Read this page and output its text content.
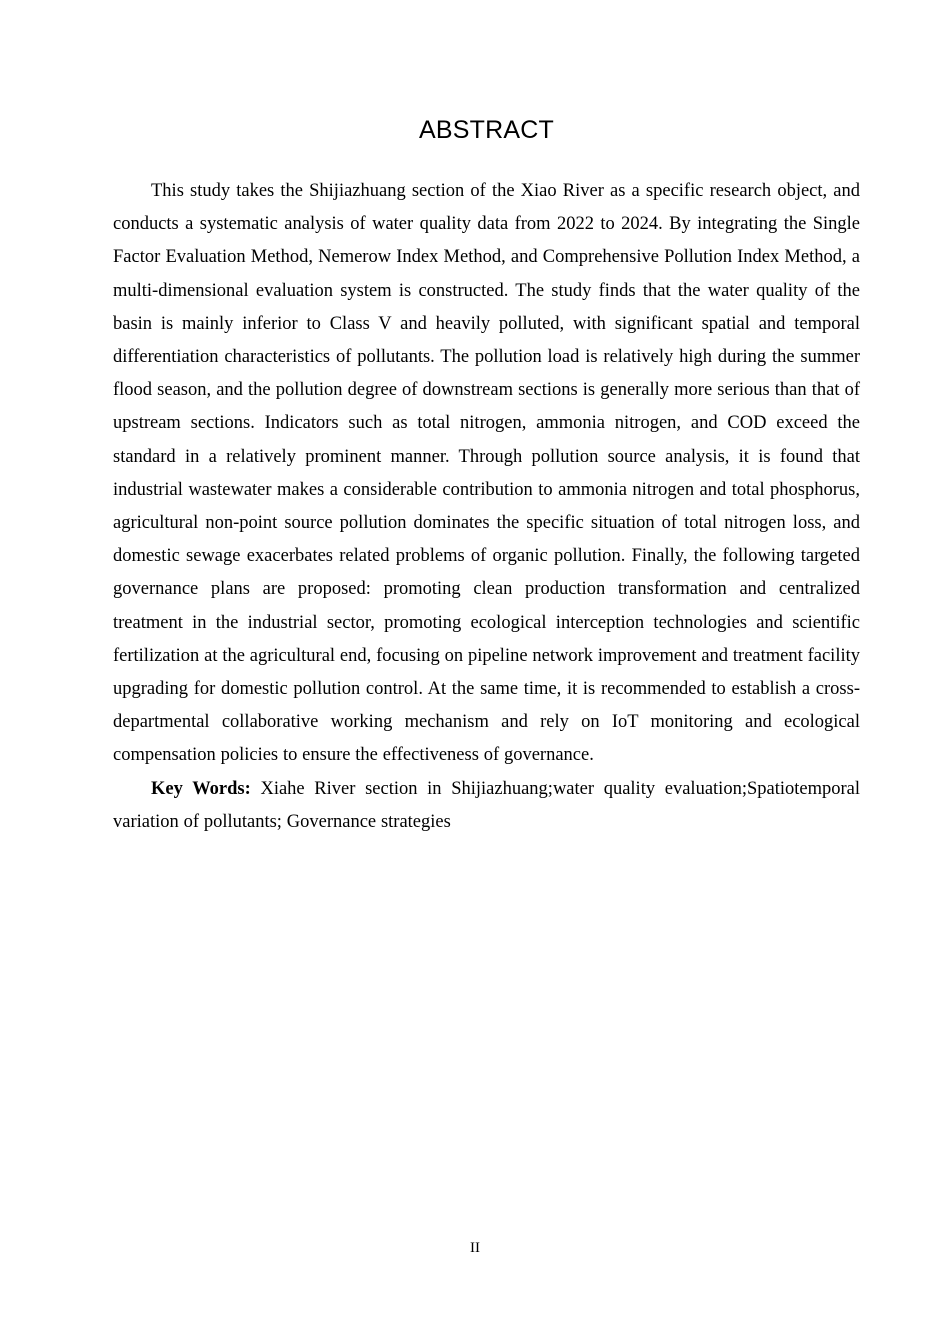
ABSTRACT

This study takes the Shijiazhuang section of the Xiao River as a specific research object, and conducts a systematic analysis of water quality data from 2022 to 2024. By integrating the Single Factor Evaluation Method, Nemerow Index Method, and Comprehensive Pollution Index Method, a multi-dimensional evaluation system is constructed. The study finds that the water quality of the basin is mainly inferior to Class V and heavily polluted, with significant spatial and temporal differentiation characteristics of pollutants. The pollution load is relatively high during the summer flood season, and the pollution degree of downstream sections is generally more serious than that of upstream sections. Indicators such as total nitrogen, ammonia nitrogen, and COD exceed the standard in a relatively prominent manner. Through pollution source analysis, it is found that industrial wastewater makes a considerable contribution to ammonia nitrogen and total phosphorus, agricultural non-point source pollution dominates the specific situation of total nitrogen loss, and domestic sewage exacerbates related problems of organic pollution. Finally, the following targeted governance plans are proposed: promoting clean production transformation and centralized treatment in the industrial sector, promoting ecological interception technologies and scientific fertilization at the agricultural end, focusing on pipeline network improvement and treatment facility upgrading for domestic pollution control. At the same time, it is recommended to establish a cross-departmental collaborative working mechanism and rely on IoT monitoring and ecological compensation policies to ensure the effectiveness of governance.

Key Words: Xiahe River section in Shijiazhuang;water quality evaluation;Spatiotemporal variation of pollutants; Governance strategies

II
